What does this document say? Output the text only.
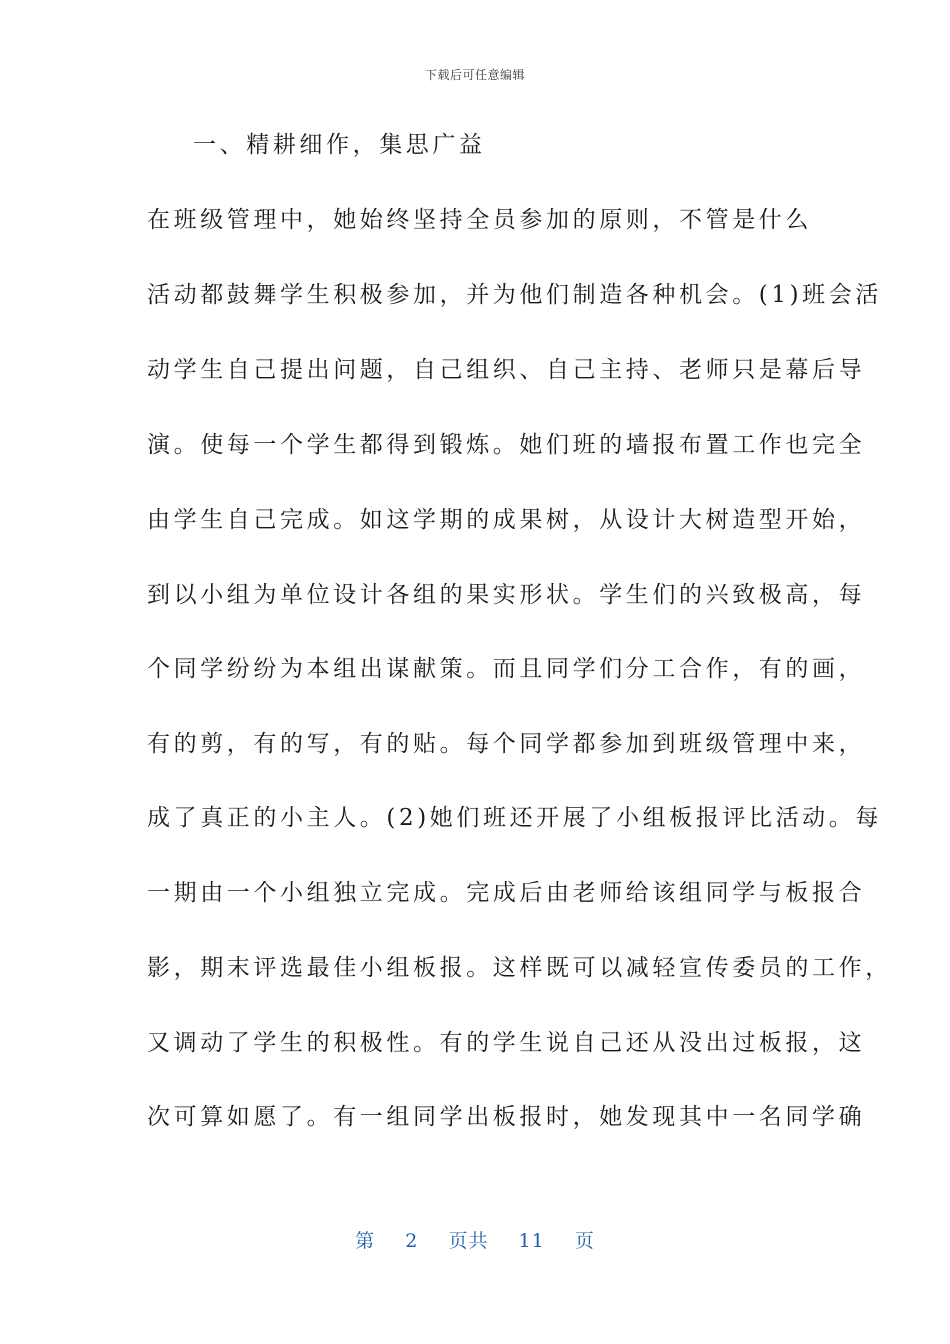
下载后可任意编辑
一、精耕细作，集思广益
在班级管理中，她始终坚持全员参加的原则，不管是什么
活动都鼓舞学生积极参加，并为他们制造各种机会。(1)班会活
动学生自己提出问题，自己组织、自己主持、老师只是幕后导
演。使每一个学生都得到锻炼。她们班的墙报布置工作也完全
由学生自己完成。如这学期的成果树，从设计大树造型开始，
到以小组为单位设计各组的果实形状。学生们的兴致极高，每
个同学纷纷为本组出谋献策。而且同学们分工合作，有的画，
有的剪，有的写，有的贴。每个同学都参加到班级管理中来，
成了真正的小主人。(2)她们班还开展了小组板报评比活动。每
一期由一个小组独立完成。完成后由老师给该组同学与板报合
影，期末评选最佳小组板报。这样既可以减轻宣传委员的工作，
又调动了学生的积极性。有的学生说自己还从没出过板报，这
次可算如愿了。有一组同学出板报时，她发现其中一名同学确
第 2 页共 11 页
